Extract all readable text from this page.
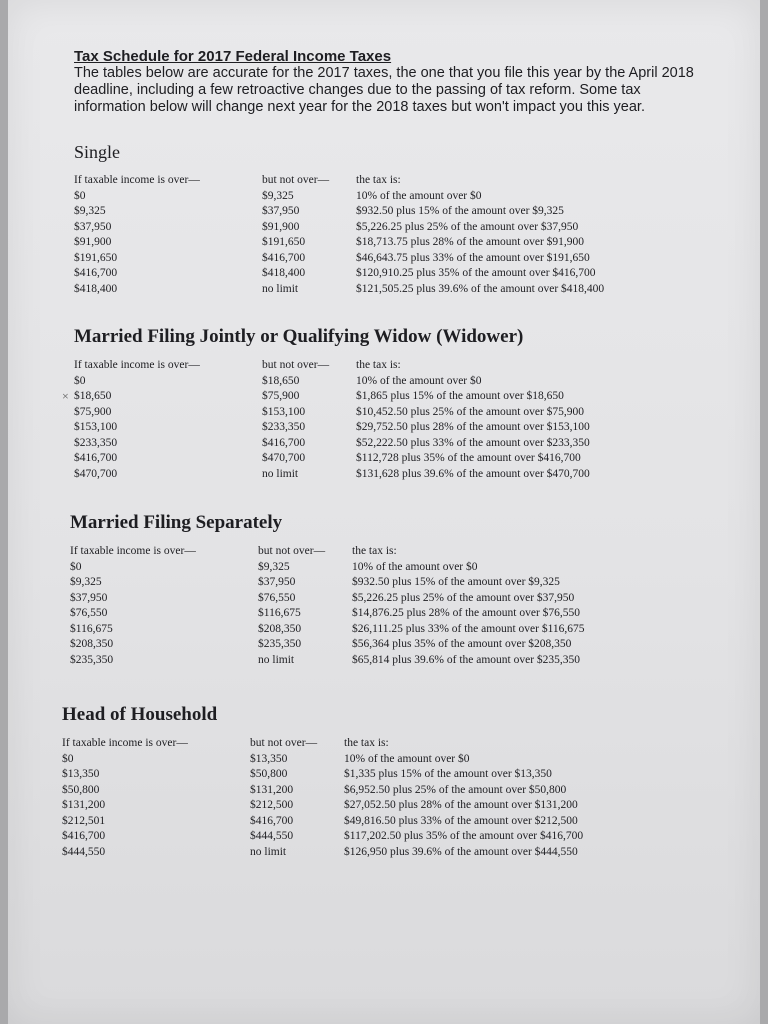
Tax Schedule for 2017 Federal Income Taxes
The tables below are accurate for the 2017 taxes, the one that you file this year by the April 2018 deadline, including a few retroactive changes due to the passing of tax reform. Some tax information below will change next year for the 2018 taxes but won't impact you this year.
Single
If taxable income is over—	but not over—	the tax is:
$0	$9,325	10% of the amount over $0
$9,325	$37,950	$932.50 plus 15% of the amount over $9,325
$37,950	$91,900	$5,226.25 plus 25% of the amount over $37,950
$91,900	$191,650	$18,713.75 plus 28% of the amount over $91,900
$191,650	$416,700	$46,643.75 plus 33% of the amount over $191,650
$416,700	$418,400	$120,910.25 plus 35% of the amount over $416,700
$418,400	no limit	$121,505.25 plus 39.6% of the amount over $418,400
Married Filing Jointly or Qualifying Widow (Widower)
If taxable income is over—	but not over—	the tax is:
$0	$18,650	10% of the amount over $0

× $18,650	$75,900	$1,865 plus 15% of the amount over $18,650
$75,900	$153,100	$10,452.50 plus 25% of the amount over $75,900
$153,100	$233,350	$29,752.50 plus 28% of the amount over $153,100
$233,350	$416,700	$52,222.50 plus 33% of the amount over $233,350
$416,700	$470,700	$112,728 plus 35% of the amount over $416,700
$470,700	no limit	$131,628 plus 39.6% of the amount over $470,700
Married Filing Separately
If taxable income is over—	but not over—	the tax is:
$0	$9,325	10% of the amount over $0
$9,325	$37,950	$932.50 plus 15% of the amount over $9,325
$37,950	$76,550	$5,226.25 plus 25% of the amount over $37,950
$76,550	$116,675	$14,876.25 plus 28% of the amount over $76,550
$116,675	$208,350	$26,111.25 plus 33% of the amount over $116,675
$208,350	$235,350	$56,364 plus 35% of the amount over $208,350
$235,350	no limit	$65,814 plus 39.6% of the amount over $235,350
Head of Household
If taxable income is over—	but not over—	the tax is:
$0	$13,350	10% of the amount over $0
$13,350	$50,800	$1,335 plus 15% of the amount over $13,350
$50,800	$131,200	$6,952.50 plus 25% of the amount over $50,800
$131,200	$212,500	$27,052.50 plus 28% of the amount over $131,200
$212,501	$416,700	$49,816.50 plus 33% of the amount over $212,500
$416,700	$444,550	$117,202.50 plus 35% of the amount over $416,700
$444,550	no limit	$126,950 plus 39.6% of the amount over $444,550
